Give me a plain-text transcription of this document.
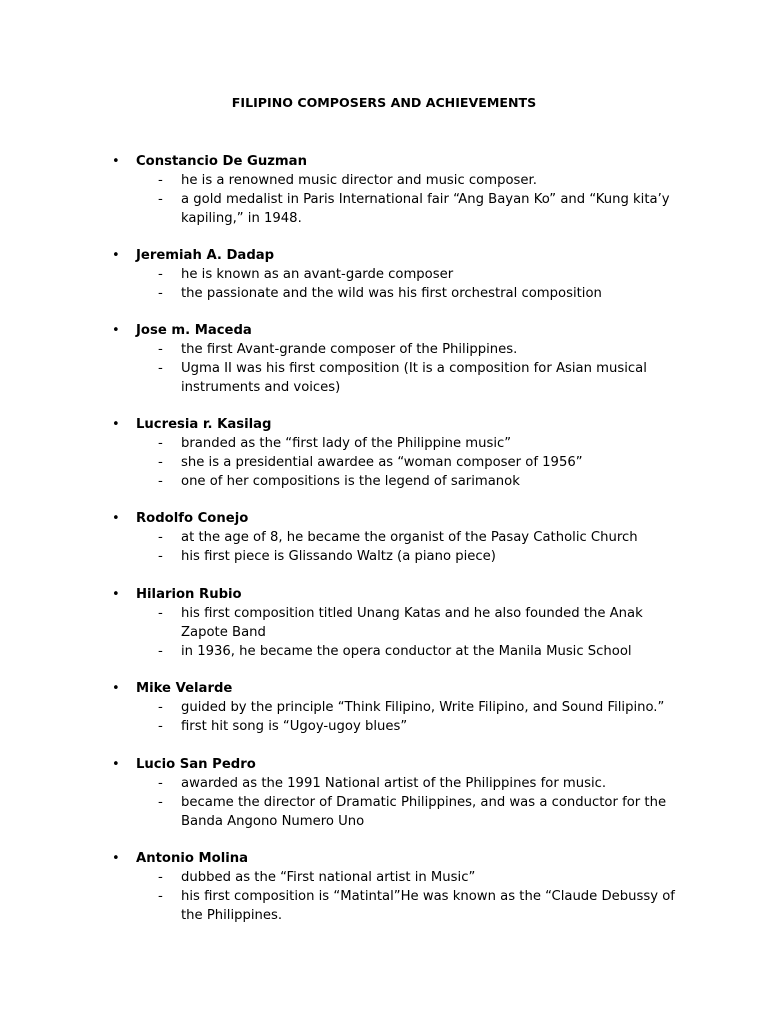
FILIPINO COMPOSERS AND ACHIEVEMENTS
• Constancio De Guzman
- he is a renowned music director and music composer.
- a gold medalist in Paris International fair “Ang Bayan Ko” and “Kung kita’y kapiling,” in 1948.
• Jeremiah A. Dadap
- he is known as an avant-garde composer
- the passionate and the wild was his first orchestral composition
• Jose m. Maceda
- the first Avant-grande composer of the Philippines.
- Ugma II was his first composition (It is a composition for Asian musical instruments and voices)
• Lucresia r. Kasilag
- branded as the “first lady of the Philippine music”
- she is a presidential awardee as “woman composer of 1956”
- one of her compositions is the legend of sarimanok
• Rodolfo Conejo
- at the age of 8, he became the organist of the Pasay Catholic Church
- his first piece is Glissando Waltz (a piano piece)
• Hilarion Rubio
- his first composition titled Unang Katas and he also founded the Anak Zapote Band
- in 1936, he became the opera conductor at the Manila Music School
• Mike Velarde
- guided by the principle “Think Filipino, Write Filipino, and Sound Filipino.”
- first hit song is “Ugoy-ugoy blues”
• Lucio San Pedro
- awarded as the 1991 National artist of the Philippines for music.
- became the director of Dramatic Philippines, and was a conductor for the Banda Angono Numero Uno
• Antonio Molina
- dubbed as the “First national artist in Music”
- his first composition is “Matintal”He was known as the “Claude Debussy of the Philippines.
